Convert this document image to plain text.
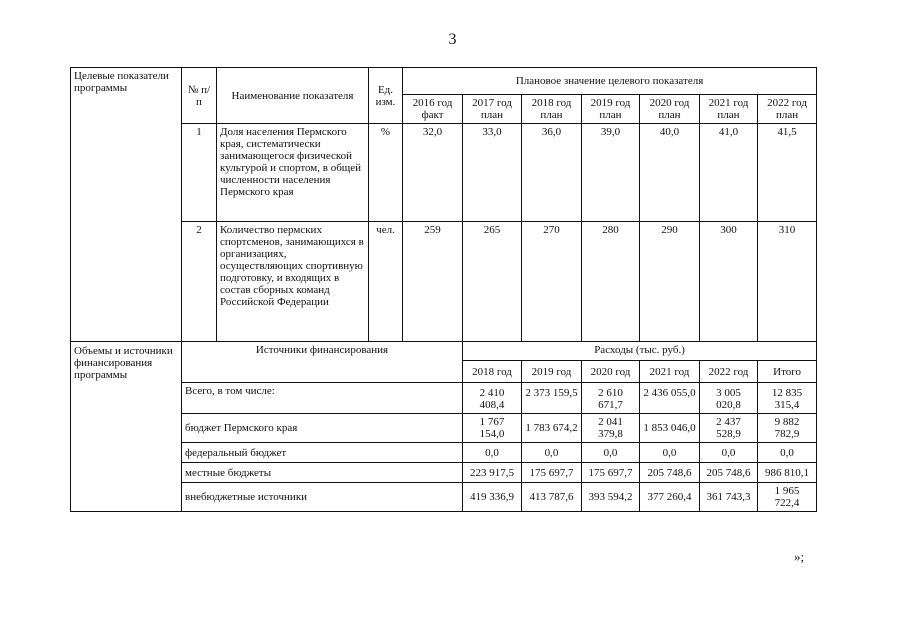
3
Целевые показатели программы	№ п/п	Наименование показателя	Ед. изм.	Плановое значение целевого показателя						
				2016 год факт	2017 год план	2018 год план	2019 год план	2020 год план	2021 год план	2022 год план
	1	Доля населения Пермского края, систематически занимающегося физической культурой и спортом, в общей численности населения Пермского края	%	32,0	33,0	36,0	39,0	40,0	41,0	41,5
	2	Количество пермских спортсменов, занимающихся в организациях, осуществляющих спортивную подготовку, и входящих в состав сборных команд Российской Федерации	чел.	259	265	270	280	290	300	310
Объемы и источники финансирования программы	Источники финансирования				Расходы (тыс. руб.)					
					2018 год	2019 год	2020 год	2021 год	2022 год	Итого
	Всего, в том числе:				2 410 408,4	2 373 159,5	2 610 671,7	2 436 055,0	3 005 020,8	12 835 315,4
	бюджет Пермского края				1 767 154,0	1 783 674,2	2 041 379,8	1 853 046,0	2 437 528,9	9 882 782,9
	федеральный бюджет				0,0	0,0	0,0	0,0	0,0	0,0
	местные бюджеты				223 917,5	175 697,7	175 697,7	205 748,6	205 748,6	986 810,1
	внебюджетные источники				419 336,9	413 787,6	393 594,2	377 260,4	361 743,3	1 965 722,4
»;
